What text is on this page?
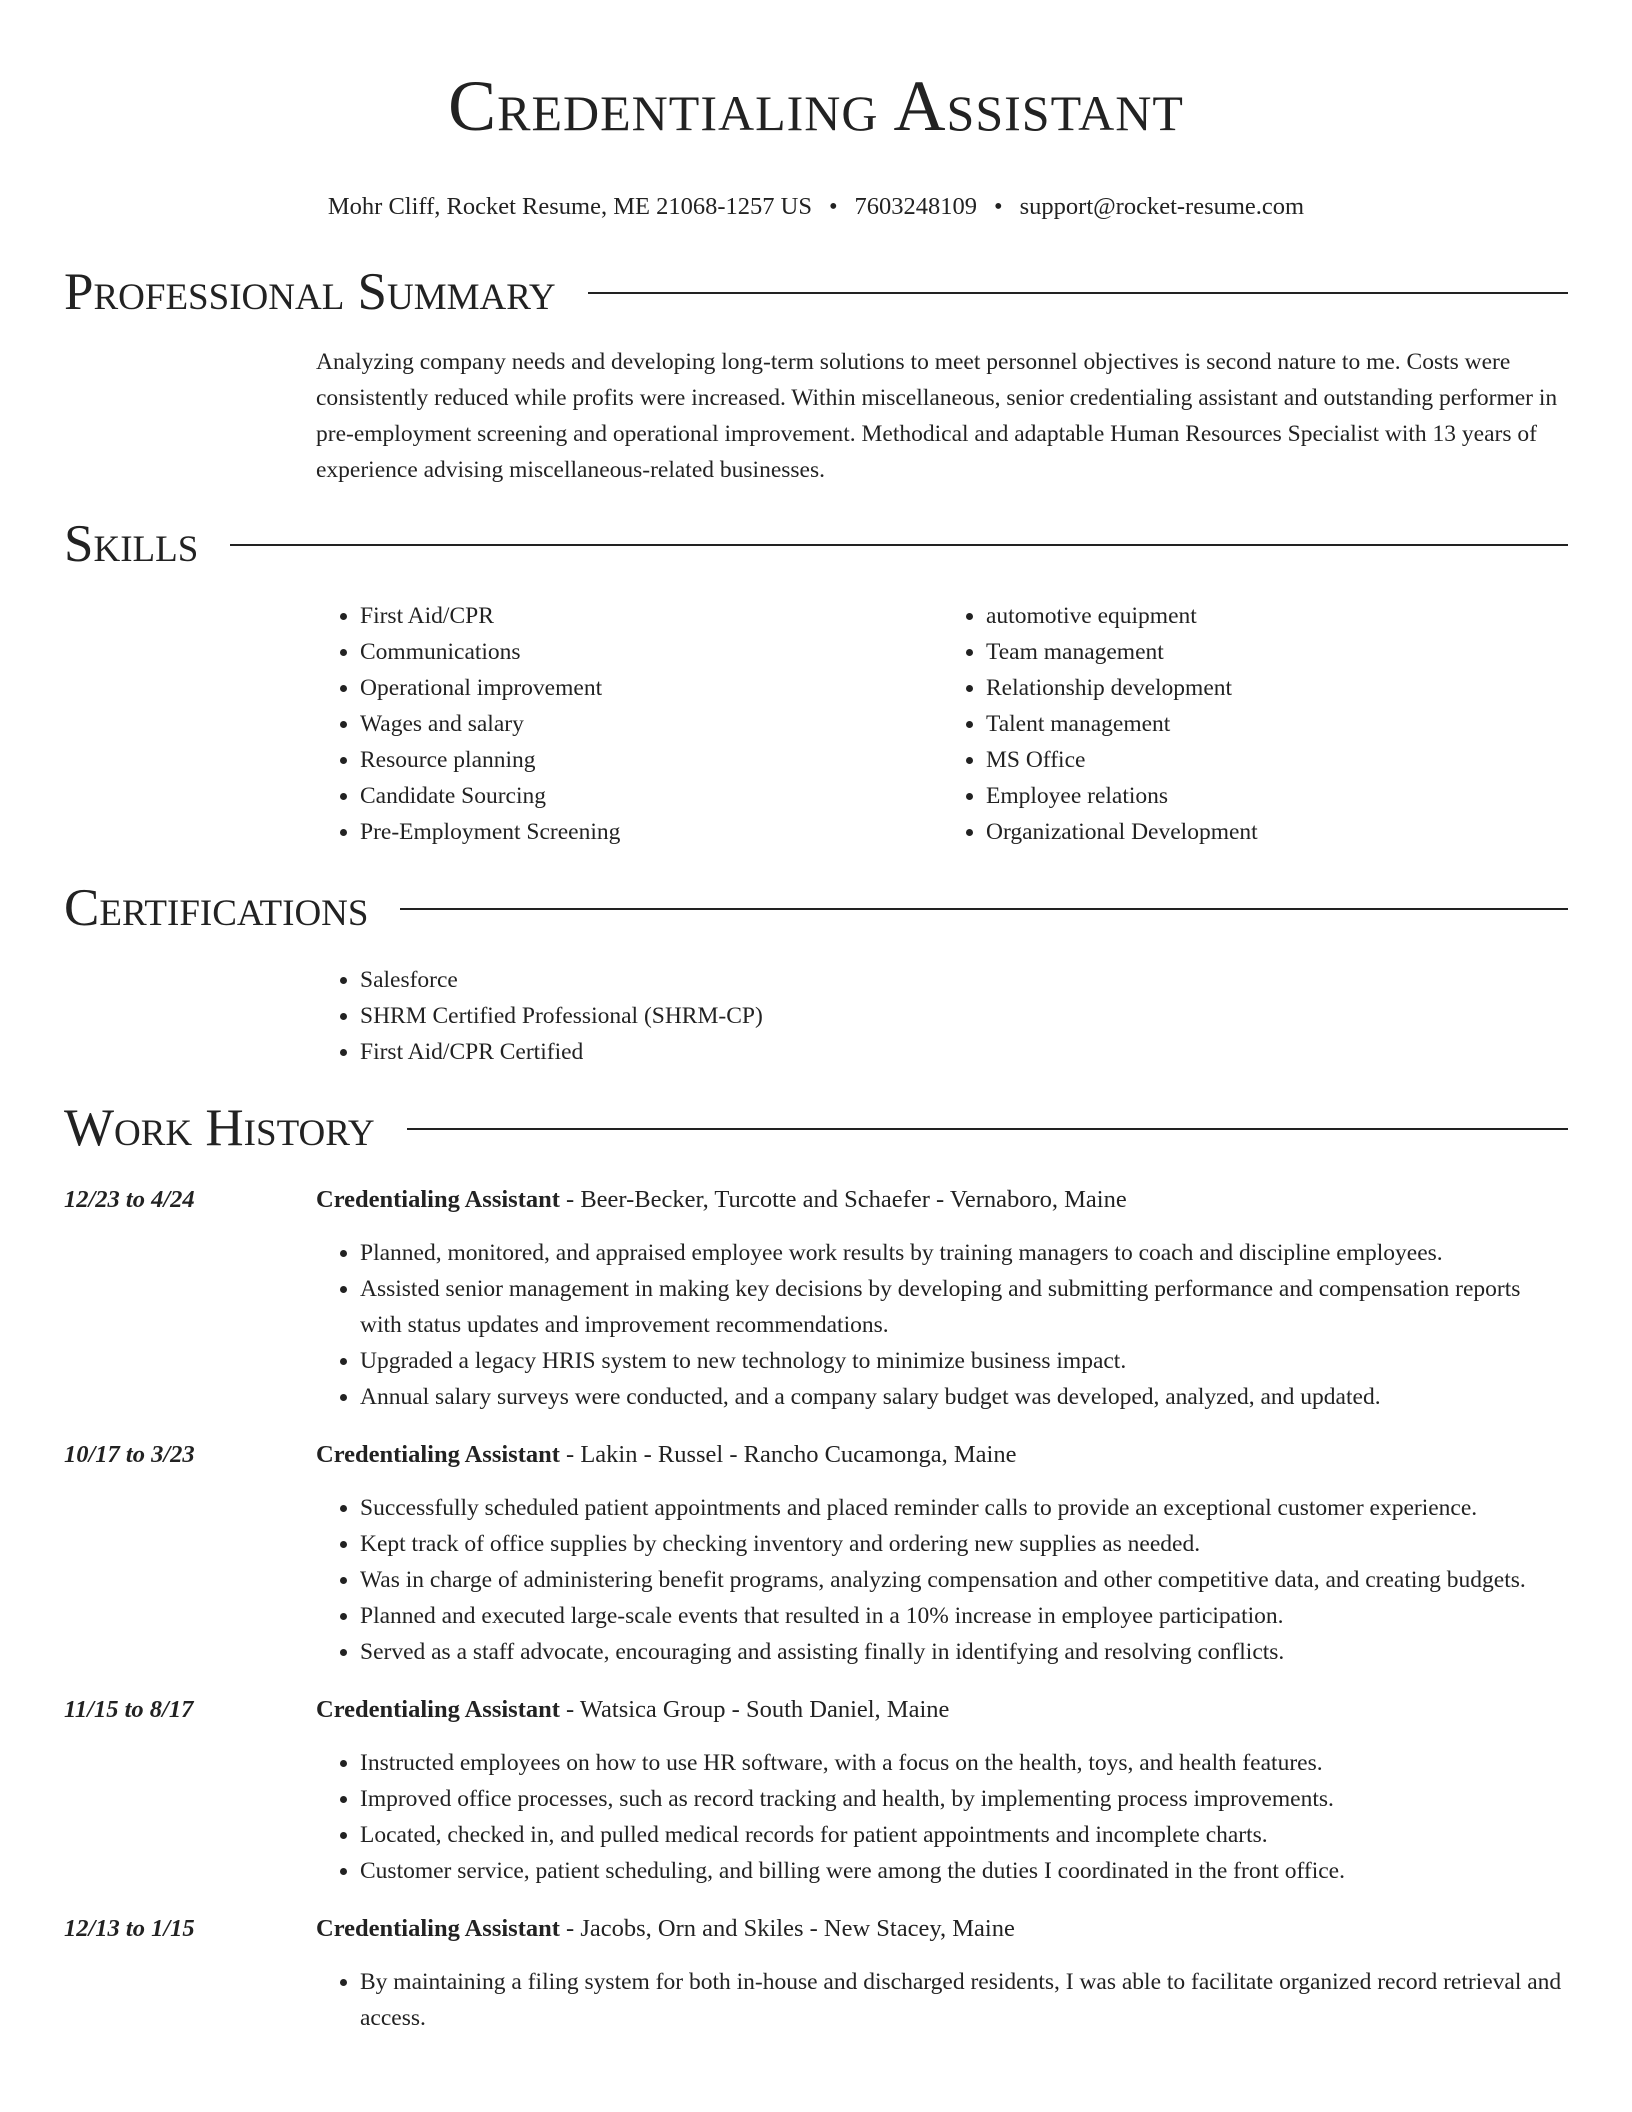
Credentialing Assistant
Mohr Cliff, Rocket Resume, ME 21068-1257 US • 7603248109 • support@rocket-resume.com
Professional Summary
Analyzing company needs and developing long-term solutions to meet personnel objectives is second nature to me. Costs were consistently reduced while profits were increased. Within miscellaneous, senior credentialing assistant and outstanding performer in pre-employment screening and operational improvement. Methodical and adaptable Human Resources Specialist with 13 years of experience advising miscellaneous-related businesses.
Skills
• First Aid/CPR
• Communications
• Operational improvement
• Wages and salary
• Resource planning
• Candidate Sourcing
• Pre-Employment Screening
• automotive equipment
• Team management
• Relationship development
• Talent management
• MS Office
• Employee relations
• Organizational Development
Certifications
• Salesforce
• SHRM Certified Professional (SHRM-CP)
• First Aid/CPR Certified
Work History
12/23 to 4/24	Credentialing Assistant - Beer-Becker, Turcotte and Schaefer - Vernaboro, Maine
• Planned, monitored, and appraised employee work results by training managers to coach and discipline employees.
• Assisted senior management in making key decisions by developing and submitting performance and compensation reports with status updates and improvement recommendations.
• Upgraded a legacy HRIS system to new technology to minimize business impact.
• Annual salary surveys were conducted, and a company salary budget was developed, analyzed, and updated.
10/17 to 3/23	Credentialing Assistant - Lakin - Russel - Rancho Cucamonga, Maine
• Successfully scheduled patient appointments and placed reminder calls to provide an exceptional customer experience.
• Kept track of office supplies by checking inventory and ordering new supplies as needed.
• Was in charge of administering benefit programs, analyzing compensation and other competitive data, and creating budgets.
• Planned and executed large-scale events that resulted in a 10% increase in employee participation.
• Served as a staff advocate, encouraging and assisting finally in identifying and resolving conflicts.
11/15 to 8/17	Credentialing Assistant - Watsica Group - South Daniel, Maine
• Instructed employees on how to use HR software, with a focus on the health, toys, and health features.
• Improved office processes, such as record tracking and health, by implementing process improvements.
• Located, checked in, and pulled medical records for patient appointments and incomplete charts.
• Customer service, patient scheduling, and billing were among the duties I coordinated in the front office.
12/13 to 1/15	Credentialing Assistant - Jacobs, Orn and Skiles - New Stacey, Maine
• By maintaining a filing system for both in-house and discharged residents, I was able to facilitate organized record retrieval and access.
